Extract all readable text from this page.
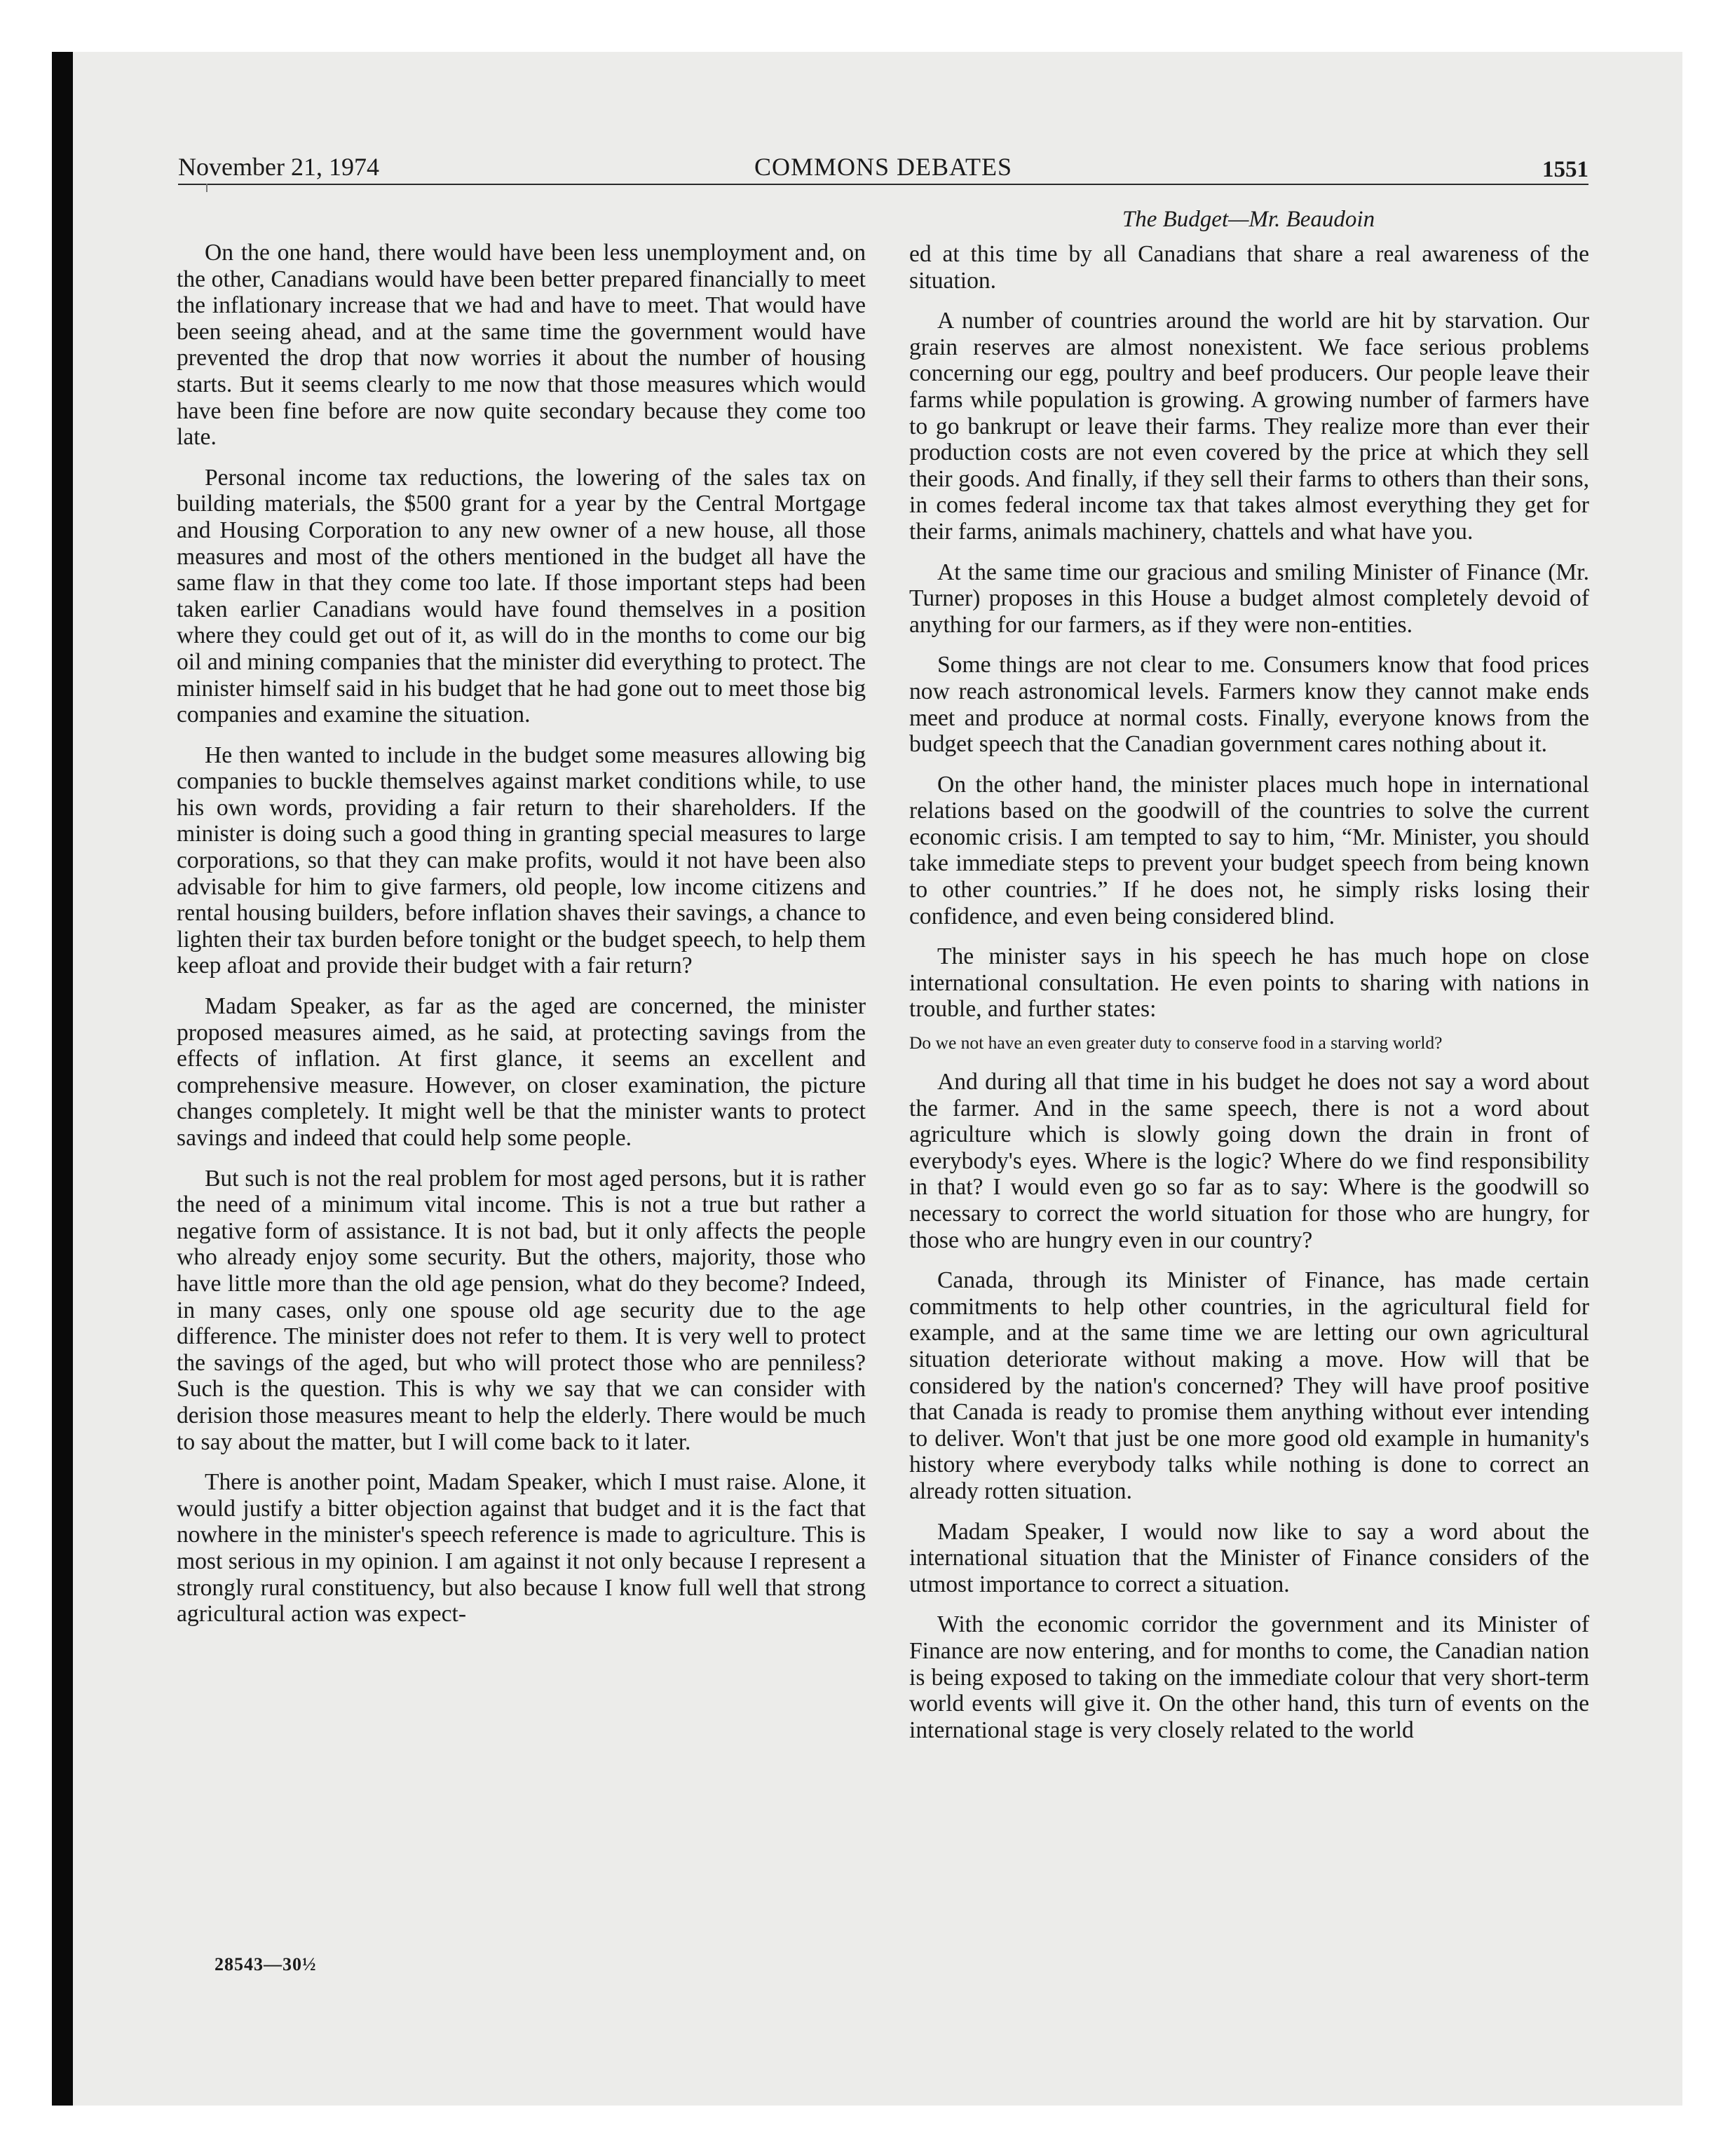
November 21, 1974	COMMONS DEBATES	1551
The Budget—Mr. Beaudoin

On the one hand, there would have been less unemployment and, on the other, Canadians would have been better prepared financially to meet the inflationary increase that we had and have to meet. That would have been seeing ahead, and at the same time the government would have prevented the drop that now worries it about the number of housing starts. But it seems clearly to me now that those measures which would have been fine before are now quite secondary because they come too late.

Personal income tax reductions, the lowering of the sales tax on building materials, the $500 grant for a year by the Central Mortgage and Housing Corporation to any new owner of a new house, all those measures and most of the others mentioned in the budget all have the same flaw in that they come too late. If those important steps had been taken earlier Canadians would have found themselves in a position where they could get out of it, as will do in the months to come our big oil and mining companies that the minister did everything to protect. The minister himself said in his budget that he had gone out to meet those big companies and examine the situation.

He then wanted to include in the budget some measures allowing big companies to buckle themselves against market conditions while, to use his own words, providing a fair return to their shareholders. If the minister is doing such a good thing in granting special measures to large corporations, so that they can make profits, would it not have been also advisable for him to give farmers, old people, low income citizens and rental housing builders, before inflation shaves their savings, a chance to lighten their tax burden before tonight or the budget speech, to help them keep afloat and provide their budget with a fair return?

Madam Speaker, as far as the aged are concerned, the minister proposed measures aimed, as he said, at protecting savings from the effects of inflation. At first glance, it seems an excellent and comprehensive measure. However, on closer examination, the picture changes completely. It might well be that the minister wants to protect savings and indeed that could help some people.

But such is not the real problem for most aged persons, but it is rather the need of a minimum vital income. This is not a true but rather a negative form of assistance. It is not bad, but it only affects the people who already enjoy some security. But the others, majority, those who have little more than the old age pension, what do they become? Indeed, in many cases, only one spouse old age security due to the age difference. The minister does not refer to them. It is very well to protect the savings of the aged, but who will protect those who are penniless? Such is the question. This is why we say that we can consider with derision those measures meant to help the elderly. There would be much to say about the matter, but I will come back to it later.

There is another point, Madam Speaker, which I must raise. Alone, it would justify a bitter objection against that budget and it is the fact that nowhere in the minister's speech reference is made to agriculture. This is most serious in my opinion. I am against it not only because I represent a strongly rural constituency, but also because I know full well that strong agricultural action was expect-

ed at this time by all Canadians that share a real awareness of the situation.

A number of countries around the world are hit by starvation. Our grain reserves are almost nonexistent. We face serious problems concerning our egg, poultry and beef producers. Our people leave their farms while population is growing. A growing number of farmers have to go bankrupt or leave their farms. They realize more than ever their production costs are not even covered by the price at which they sell their goods. And finally, if they sell their farms to others than their sons, in comes federal income tax that takes almost everything they get for their farms, animals machinery, chattels and what have you.

At the same time our gracious and smiling Minister of Finance (Mr. Turner) proposes in this House a budget almost completely devoid of anything for our farmers, as if they were non-entities.

Some things are not clear to me. Consumers know that food prices now reach astronomical levels. Farmers know they cannot make ends meet and produce at normal costs. Finally, everyone knows from the budget speech that the Canadian government cares nothing about it.

On the other hand, the minister places much hope in international relations based on the goodwill of the countries to solve the current economic crisis. I am tempted to say to him, “Mr. Minister, you should take immediate steps to prevent your budget speech from being known to other countries.” If he does not, he simply risks losing their confidence, and even being considered blind.

The minister says in his speech he has much hope on close international consultation. He even points to sharing with nations in trouble, and further states:

Do we not have an even greater duty to conserve food in a starving world?

And during all that time in his budget he does not say a word about the farmer. And in the same speech, there is not a word about agriculture which is slowly going down the drain in front of everybody's eyes. Where is the logic? Where do we find responsibility in that? I would even go so far as to say: Where is the goodwill so necessary to correct the world situation for those who are hungry, for those who are hungry even in our country?

Canada, through its Minister of Finance, has made certain commitments to help other countries, in the agricultural field for example, and at the same time we are letting our own agricultural situation deteriorate without making a move. How will that be considered by the nation's concerned? They will have proof positive that Canada is ready to promise them anything without ever intending to deliver. Won't that just be one more good old example in humanity's history where everybody talks while nothing is done to correct an already rotten situation.

Madam Speaker, I would now like to say a word about the international situation that the Minister of Finance considers of the utmost importance to correct a situation.

With the economic corridor the government and its Minister of Finance are now entering, and for months to come, the Canadian nation is being exposed to taking on the immediate colour that very short-term world events will give it. On the other hand, this turn of events on the international stage is very closely related to the world

28543—30½
